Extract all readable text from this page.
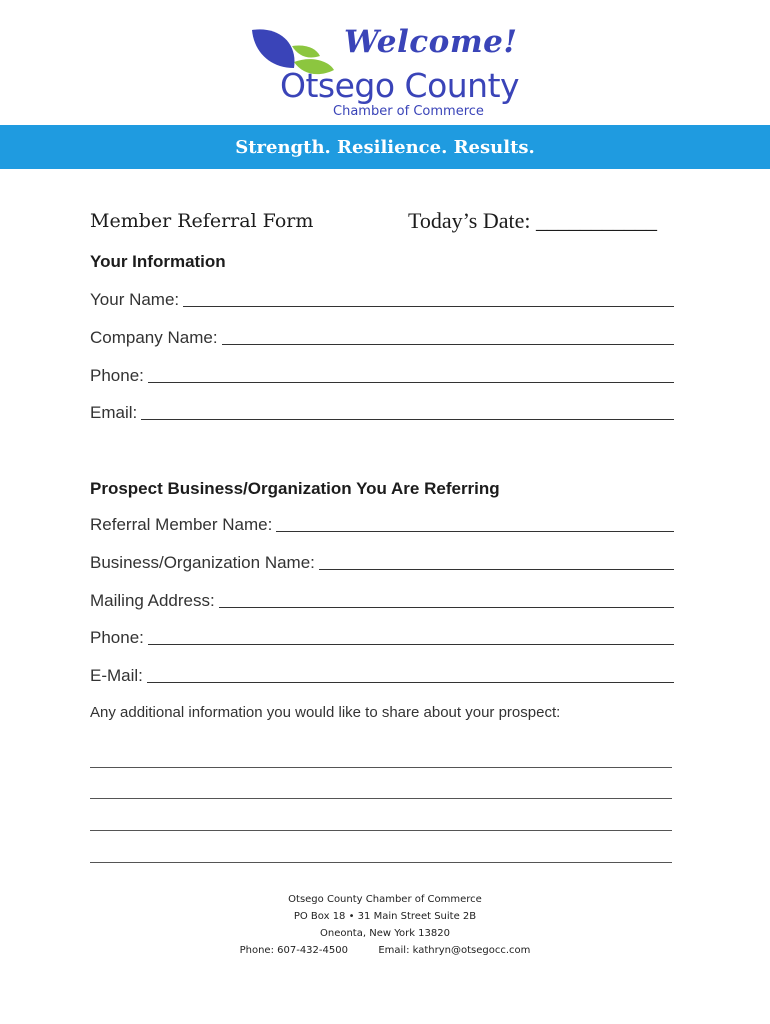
Welcome!
Otsego County
Chamber of Commerce
Strength. Resilience. Results.
Member Referral Form	Today’s Date: ___________
Your Information
Your Name:
Company Name:
Phone:
Email:
Prospect Business/Organization You Are Referring
Referral Member Name:
Business/Organization Name:
Mailing Address:
Phone:
E-Mail:
Any additional information you would like to share about your prospect:
Otsego County Chamber of Commerce
PO Box 18 • 31 Main Street Suite 2B
Oneonta, New York 13820
Phone: 607-432-4500	Email: kathryn@otsegocc.com
